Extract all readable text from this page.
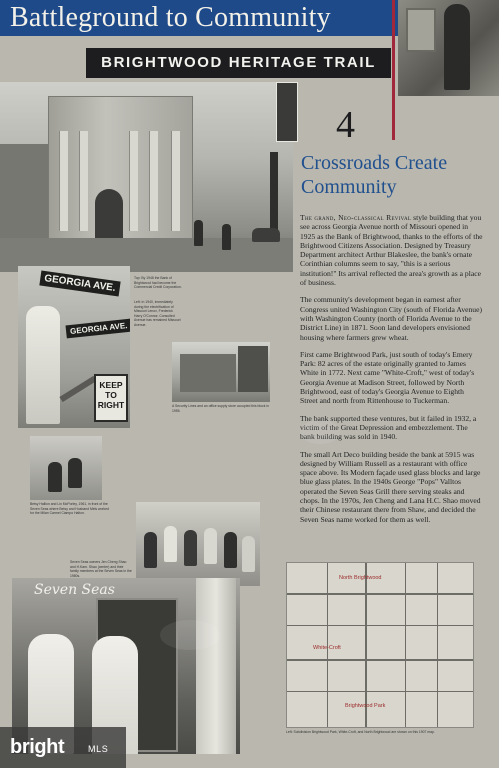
Battleground to Community
BRIGHTWOOD HERITAGE TRAIL
4
Crossroads Create Community

The grand, Neo-classical Revival style building that you see across Georgia Avenue north of Missouri opened in 1925 as the Bank of Brightwood, thanks to the efforts of the Brightwood Citizens Association. Designed by Treasury Department architect Arthur Blakeslee, the bank's ornate Corinthian columns seem to say, "this is a serious institution!" Its arrival reflected the area's growth as a place of business.

The community's development began in earnest after Congress united Washington City (south of Florida Avenue) with Washington County (north of Florida Avenue to the District Line) in 1871. Soon land developers envisioned housing where farmers grew wheat.

First came Brightwood Park, just south of today's Emery Park: 82 acres of the estate originally granted to James White in 1772. Next came "White-Croft," west of today's Georgia Avenue at Madison Street, followed by North Brightwood, east of today's Georgia Avenue to Eighth Street and north from Rittenhouse to Tuckerman.

The bank supported these ventures, but it failed in 1932, a victim of the Great Depression and embezzlement. The bank building was sold in 1940.

The small Art Deco building beside the bank at 5915 was designed by William Russell as a restaurant with office space above. Its Modern façade used glass blocks and large blue glass plates. In the 1940s George "Pops" Valltos operated the Seven Seas Grill there serving steaks and chops. In the 1970s, Jen Cheng and Lana H.C. Shao moved their Chinese restaurant there from Shaw, and decided the Seven Seas name worked for them as well.

Top: By 1948 the Bank of Brightwood had become the Commercial Credit Corporation.
Left: In 1940, immediately during the electrification of Missouri Lenox, Frederick Harry O'Connor, Consulted Avenue has remained Missouri Avenue.
GEORGIA AVE.
GEORGIA AVE.
KEEP
TO
RIGHT	A Security Lines and an office supply store occupied this block in 1955.
Betsy Hallion and Lin McPorley, 1961, in front of the Seven Seas where Betsy and Husband Mels worked for the Milan Carmel Ciampo Halton.
Seven Seas owners Jen Cheng Shao and H.Kam. Shao (center) and their family members at the Seven Seas in the 1980s.
Seven Seas
North Brightwood
White-Croft
Brightwood Park
Left: Subdivision Brightwood Park, White-Croft, and North Brightwood are shown on this 1907 map.
bright	MLS
